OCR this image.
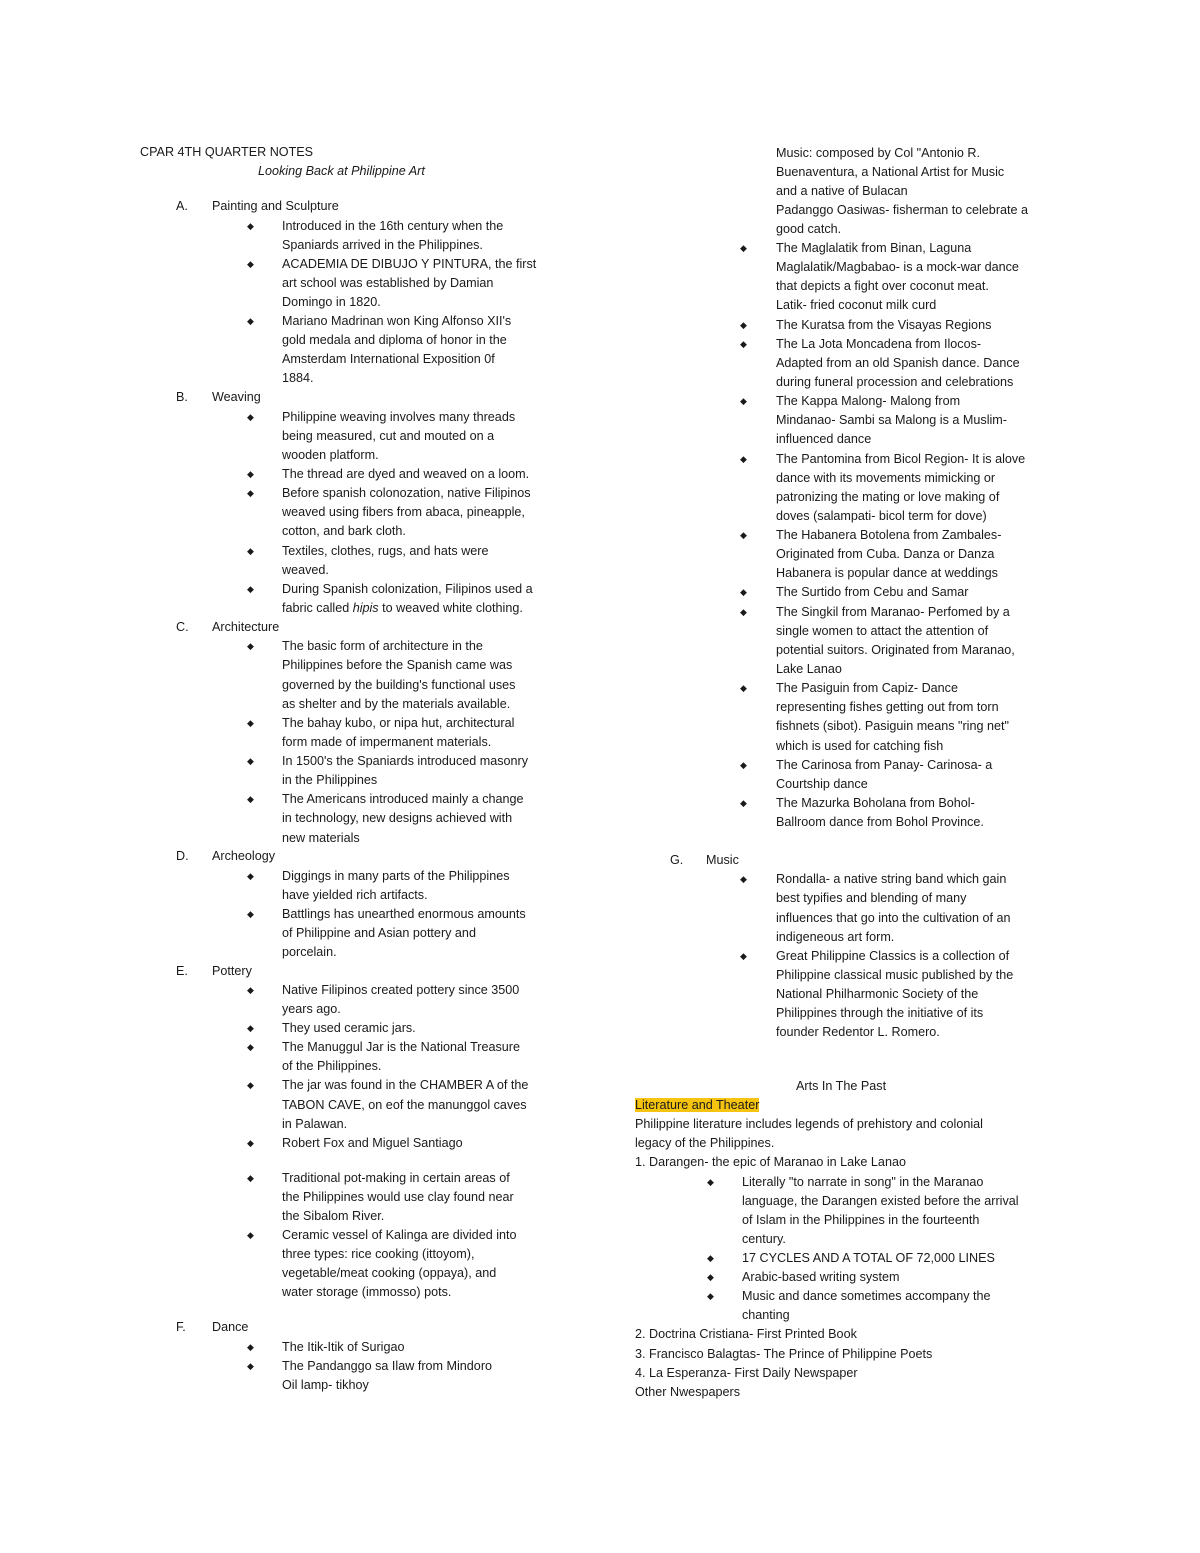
CPAR 4TH QUARTER NOTES
Looking Back at Philippine Art
A. Painting and Sculpture
◆ Introduced in the 16th century when the
Spaniards arrived in the Philippines.
◆ ACADEMIA DE DIBUJO Y PINTURA, the first
art school was established by Damian
Domingo in 1820.
◆ Mariano Madrinan won King Alfonso XII's
gold medala and diploma of honor in the
Amsterdam International Exposition 0f
1884.
B. Weaving
◆ Philippine weaving involves many threads
being measured, cut and mouted on a
wooden platform.
◆ The thread are dyed and weaved on a loom.
◆ Before spanish colonozation, native Filipinos
weaved using fibers from abaca, pineapple,
cotton, and bark cloth.
◆ Textiles, clothes, rugs, and hats were
weaved.
◆ During Spanish colonization, Filipinos used a
fabric called hipis to weaved white clothing.
C. Architecture
◆ The basic form of architecture in the
Philippines before the Spanish came was
governed by the building's functional uses
as shelter and by the materials available.
◆ The bahay kubo, or nipa hut, architectural
form made of impermanent materials.
◆ In 1500's the Spaniards introduced masonry
in the Philippines
◆ The Americans introduced mainly a change
in technology, new designs achieved with
new materials
D. Archeology
◆ Diggings in many parts of the Philippines
have yielded rich artifacts.
◆ Battlings has unearthed enormous amounts
of Philippine and Asian pottery and
porcelain.
E. Pottery
◆ Native Filipinos created pottery since 3500
years ago.
◆ They used ceramic jars.
◆ The Manuggul Jar is the National Treasure
of the Philippines.
◆ The jar was found in the CHAMBER A of the
TABON CAVE, on eof the manunggol caves
in Palawan.
◆ Robert Fox and Miguel Santiago
◆ Traditional pot-making in certain areas of
the Philippines would use clay found near
the Sibalom River.
◆ Ceramic vessel of Kalinga are divided into
three types: rice cooking (ittoyom),
vegetable/meat cooking (oppaya), and
water storage (immosso) pots.
F. Dance
◆ The Itik-Itik of Surigao
◆ The Pandanggo sa Ilaw from Mindoro
Oil lamp- tikhoy
Music: composed by Col "Antonio R.
Buenaventura, a National Artist for Music
and a native of Bulacan
Padanggo Oasiwas- fisherman to celebrate a
good catch.
◆ The Maglalatik from Binan, Laguna
Maglalatik/Magbabao- is a mock-war dance
that depicts a fight over coconut meat.
Latik- fried coconut milk curd
◆ The Kuratsa from the Visayas Regions
◆ The La Jota Moncadena from Ilocos-
Adapted from an old Spanish dance. Dance
during funeral procession and celebrations
◆ The Kappa Malong- Malong from
Mindanao- Sambi sa Malong is a Muslim-
influenced dance
◆ The Pantomina from Bicol Region- It is alove
dance with its movements mimicking or
patronizing the mating or love making of
doves (salampati- bicol term for dove)
◆ The Habanera Botolena from Zambales-
Originated from Cuba. Danza or Danza
Habanera is popular dance at weddings
◆ The Surtido from Cebu and Samar
◆ The Singkil from Maranao- Perfomed by a
single women to attact the attention of
potential suitors. Originated from Maranao,
Lake Lanao
◆ The Pasiguin from Capiz- Dance
representing fishes getting out from torn
fishnets (sibot). Pasiguin means "ring net"
which is used for catching fish
◆ The Carinosa from Panay- Carinosa- a
Courtship dance
◆ The Mazurka Boholana from Bohol-
Ballroom dance from Bohol Province.
G. Music
◆ Rondalla- a native string band which gain
best typifies and blending of many
influences that go into the cultivation of an
indigeneous art form.
◆ Great Philippine Classics is a collection of
Philippine classical music published by the
National Philharmonic Society of the
Philippines through the initiative of its
founder Redentor L. Romero.
Arts In The Past
Literature and Theater
Philippine literature includes legends of prehistory and colonial
legacy of the Philippines.
1. Darangen- the epic of Maranao in Lake Lanao
◆ Literally "to narrate in song" in the Maranao
language, the Darangen existed before the arrival
of Islam in the Philippines in the fourteenth
century.
◆ 17 CYCLES AND A TOTAL OF 72,000 LINES
◆ Arabic-based writing system
◆ Music and dance sometimes accompany the
chanting
2. Doctrina Cristiana- First Printed Book
3. Francisco Balagtas- The Prince of Philippine Poets
4. La Esperanza- First Daily Newspaper
Other Nwespapers
